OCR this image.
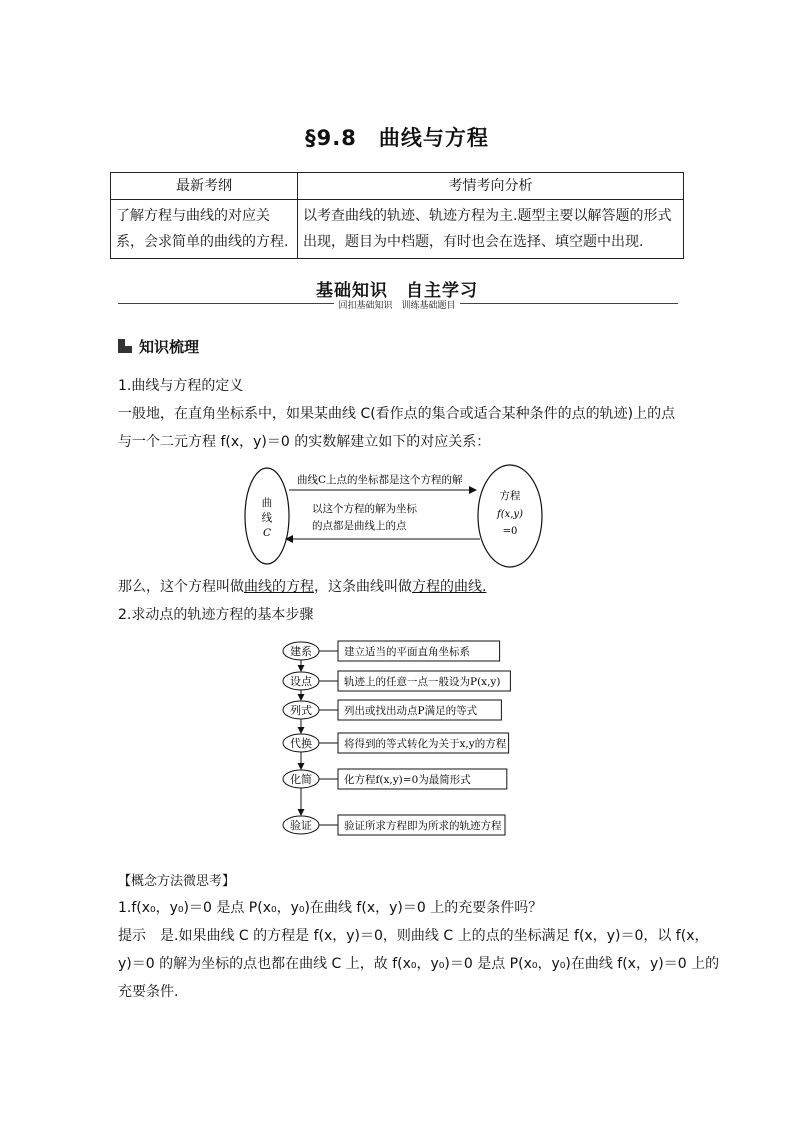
§9.8　曲线与方程
最新考纲	考情考向分析
了解方程与曲线的对应关系，会求简单的曲线的方程.	以考查曲线的轨迹、轨迹方程为主.题型主要以解答题的形式出现，题目为中档题，有时也会在选择、填空题中出现.
基础知识　自主学习
回扣基础知识　训练基础题目
知识梳理
1.曲线与方程的定义
一般地，在直角坐标系中，如果某曲线 C(看作点的集合或适合某种条件的点的轨迹)上的点
与一个二元方程 f(x，y)＝0 的实数解建立如下的对应关系：
曲线C上点的坐标都是这个方程的解
以这个方程的解为坐标
的点都是曲线上的点
曲
线
C
方程
f(x,y)
=0
那么，这个方程叫做曲线的方程，这条曲线叫做方程的曲线.
2.求动点的轨迹方程的基本步骤
建系	建立适当的平面直角坐标系
设点	轨迹上的任意一点一般设为P(x,y)
列式	列出或找出动点P满足的等式
代换	将得到的等式转化为关于x,y的方程
化简	化方程f(x,y)=0为最简形式
验证	验证所求方程即为所求的轨迹方程
【概念方法微思考】
1.f(x₀，y₀)＝0 是点 P(x₀，y₀)在曲线 f(x，y)＝0 上的充要条件吗？
提示　是.如果曲线 C 的方程是 f(x，y)＝0，则曲线 C 上的点的坐标满足 f(x，y)＝0，以 f(x，
y)＝0 的解为坐标的点也都在曲线 C 上，故 f(x₀，y₀)＝0 是点 P(x₀，y₀)在曲线 f(x，y)＝0 上的
充要条件.
